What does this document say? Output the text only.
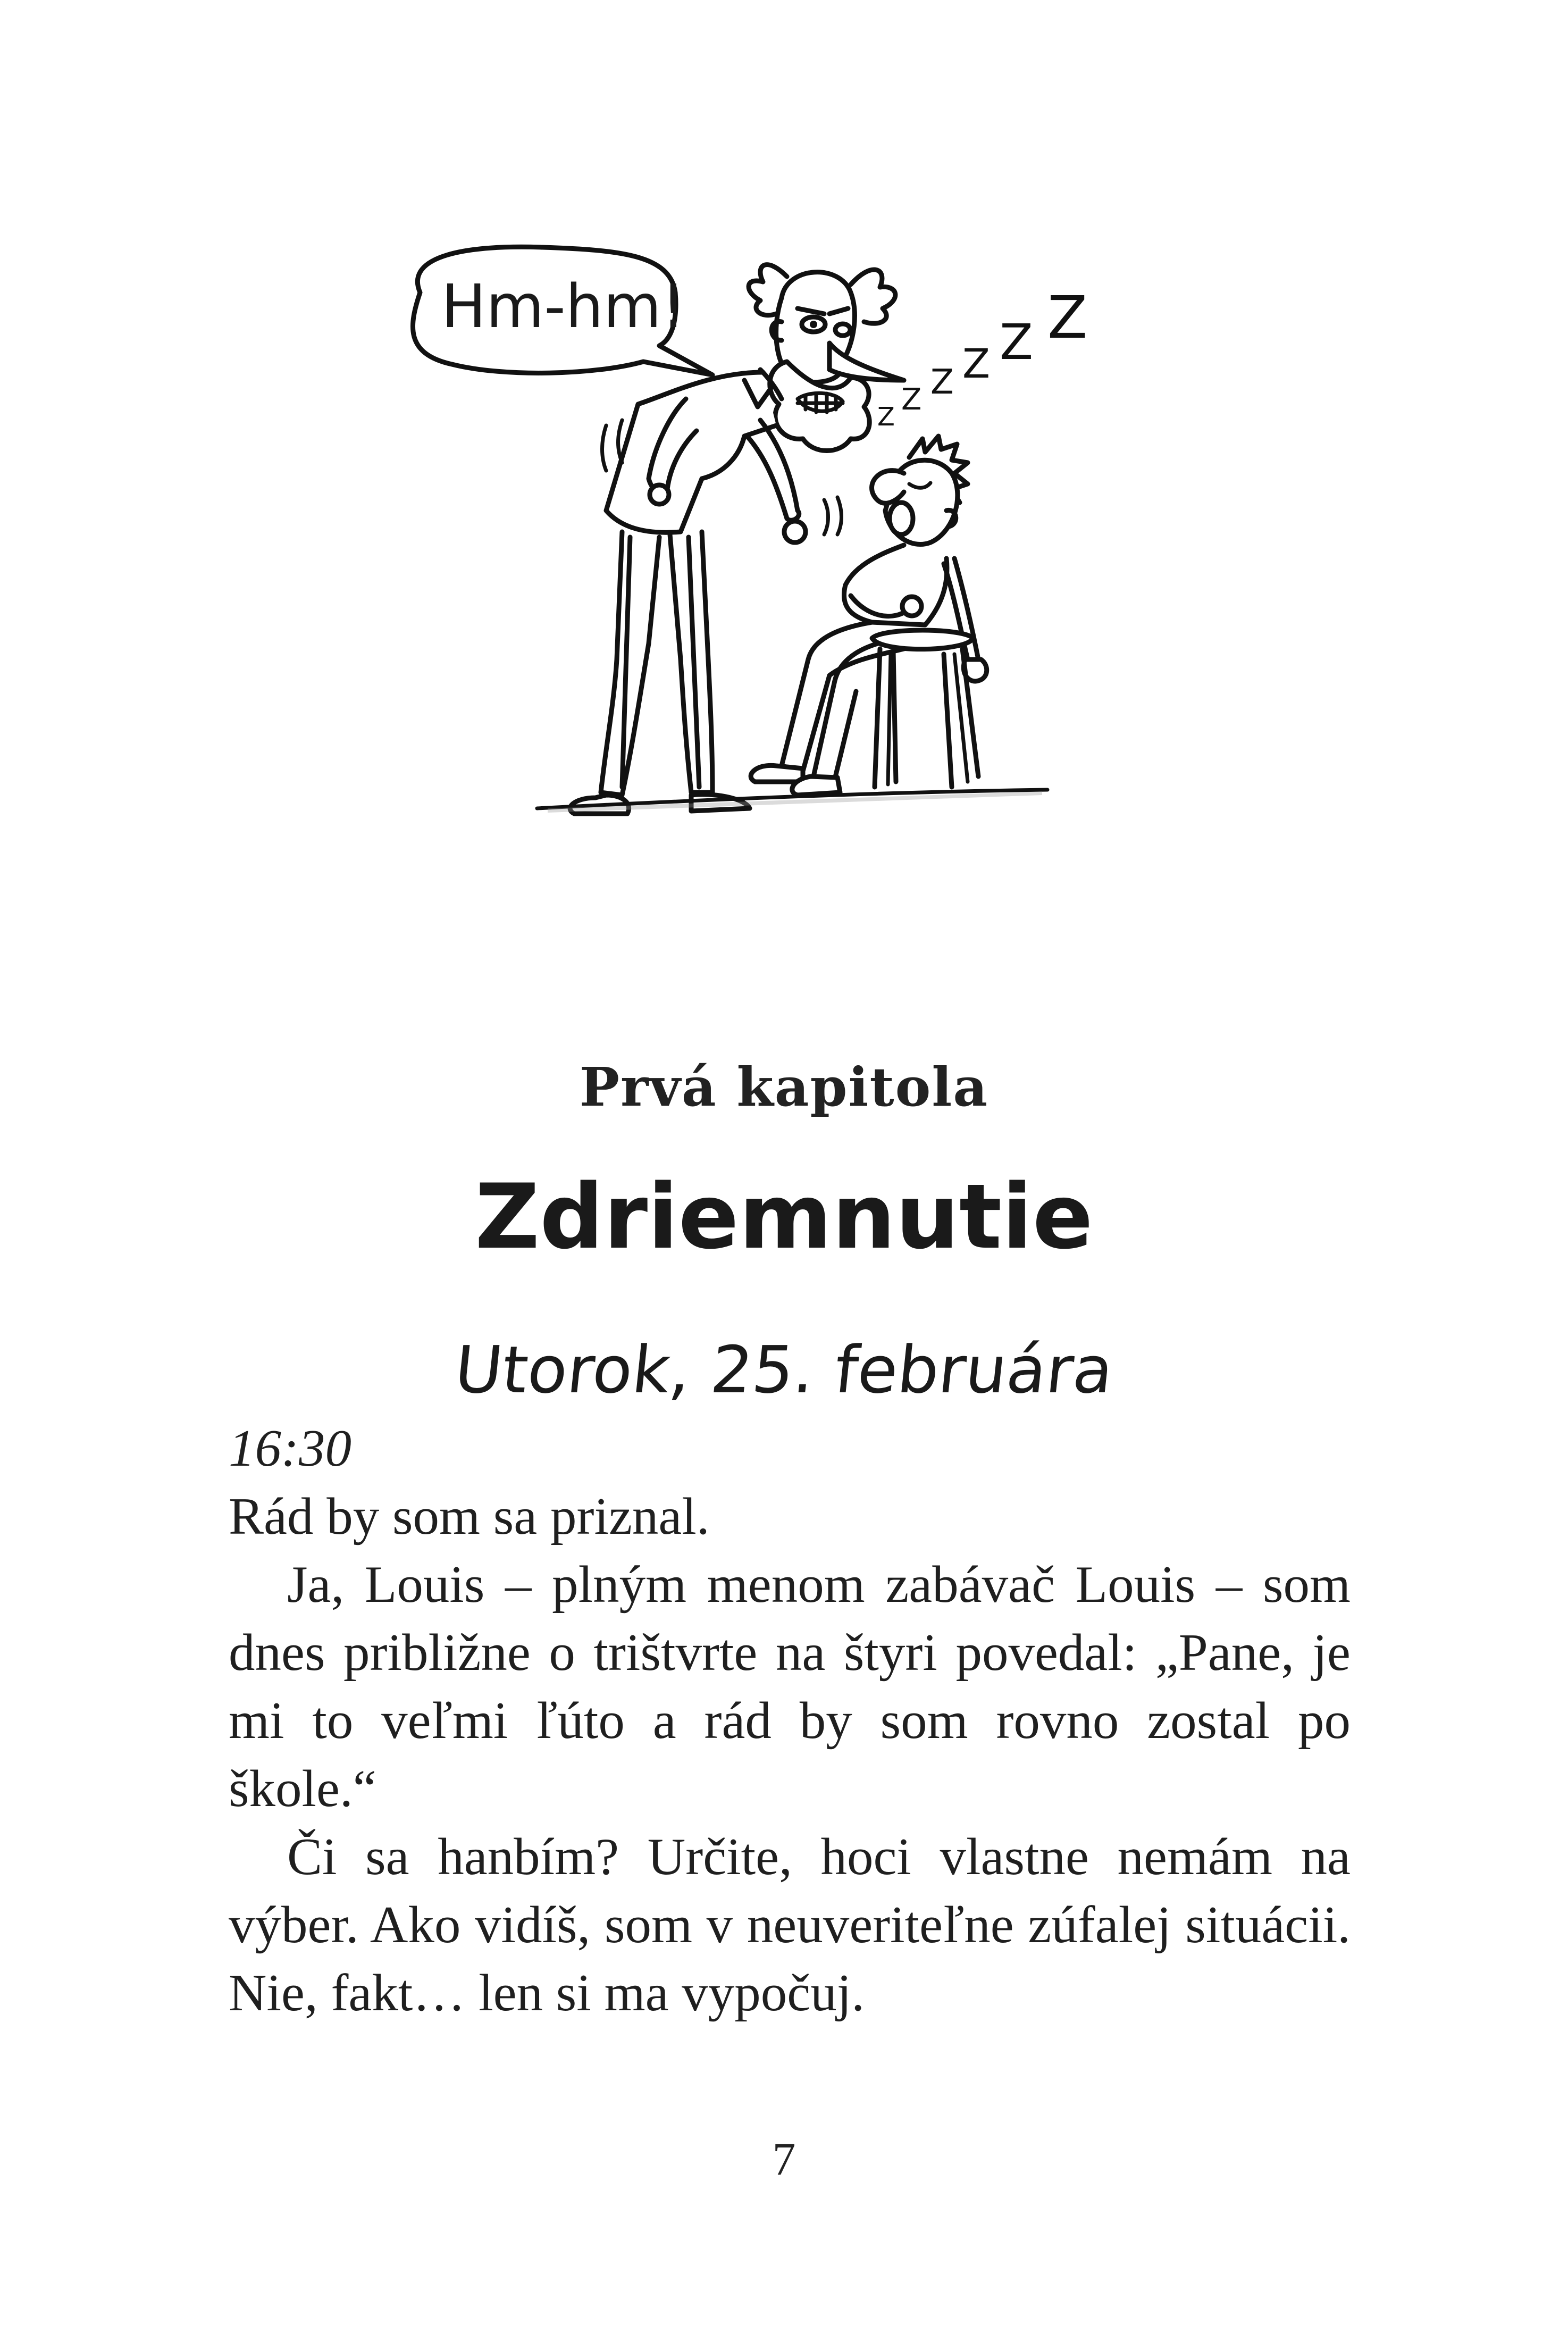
Hm-hm!	Z
Z
Z
Z
Z
Z
Prvá kapitola
Zdriemnutie
Utorok, 25. februára
16:30
Rád by som sa priznal.
Ja, Louis – plným menom zabávač Louis – som dnes približne o trištvrte na štyri povedal: „Pane, je mi to veľmi ľúto a rád by som rovno zostal po škole.“
Či sa hanbím? Určite, hoci vlastne nemám na výber. Ako vidíš, som v neuveriteľne zúfalej situácii. Nie, fakt… len si ma vypočuj.
7
